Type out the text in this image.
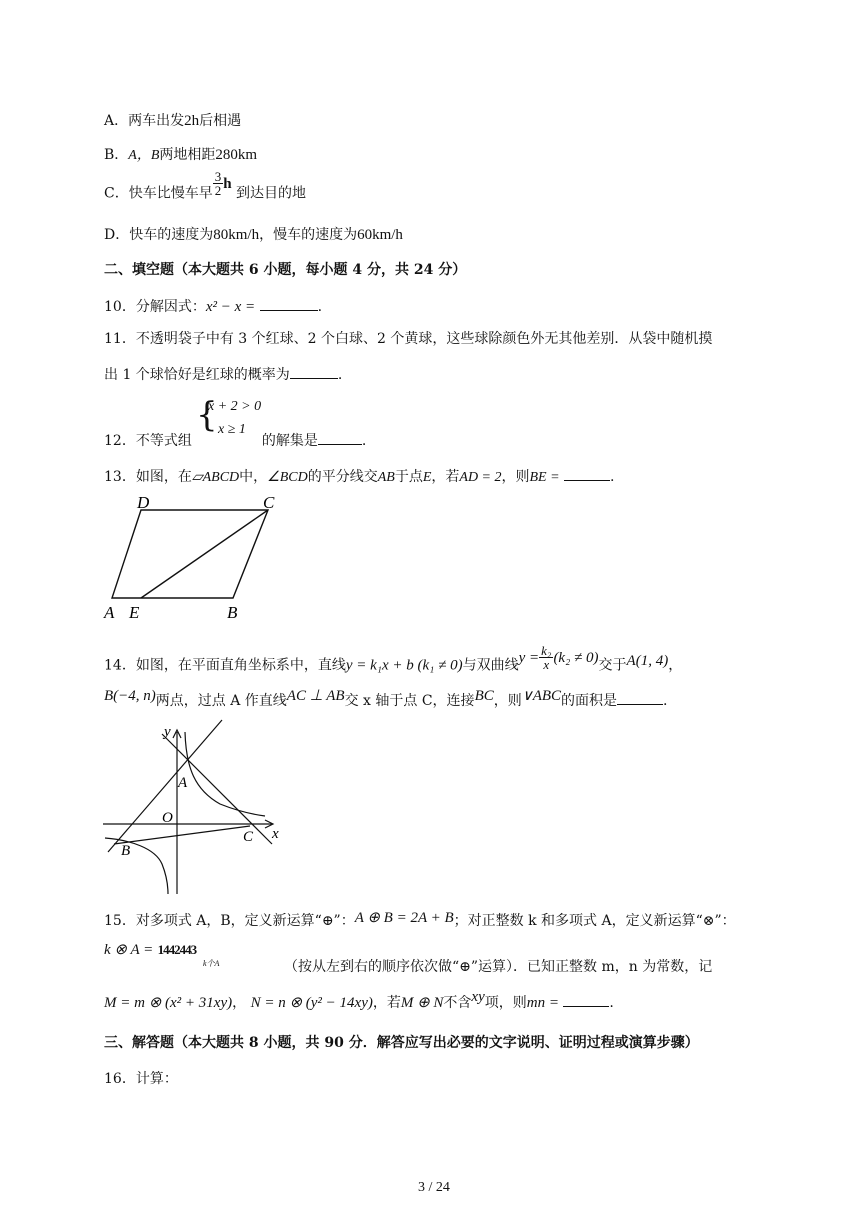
A．两车出发2h后相遇
B．A，B两地相距280km
C．快车比慢车早 $\frac{3}{2}$ h 到达目的地
D．快车的速度为80km/h，慢车的速度为60km/h
二、填空题（本大题共 6 小题，每小题 4 分，共 24 分）
10．分解因式：x² − x =	.
11．不透明袋子中有 3 个红球、2 个白球、2 个黄球，这些球除颜色外无其他差别．从袋中随机摸
出 1 个球恰好是红球的概率为	.
{
x + 2 > 0
x ≥ 1
12．不等式组	的解集是	.
13．如图，在▱ABCD中，∠BCD的平分线交AB于点E，若AD = 2，则BE =	.
D	C
A E	B
14．如图，在平面直角坐标系中，直线y = k₁x + b (k₁ ≠ 0)与双曲线$y = \frac{\text{k₂}}{x} (k_2 \ne 0)$交于A(1, 4)，
B(−4, n)两点，过点 A 作直线AC ⊥ AB交 x 轴于点 C，连接BC，则∨ABC的面积是	.
y
x
O
A
B
C
15．对多项式 A，B，定义新运算“⊕”：A ⊕ B = 2A + B；对正整数 k 和多项式 A，定义新运算“⊗”：
k ⊗ A = 1442443
k个A	（按从左到右的顺序依次做“⊕”运算）．已知正整数 m，n 为常数，记
M = m ⊗ (x² + 31xy)， N = n ⊗ (y² − 14xy)，若M ⊕ N不含xy项，则mn =	.
三、解答题（本大题共 8 小题，共 90 分．解答应写出必要的文字说明、证明过程或演算步骤）
16．计算：
3 / 24
